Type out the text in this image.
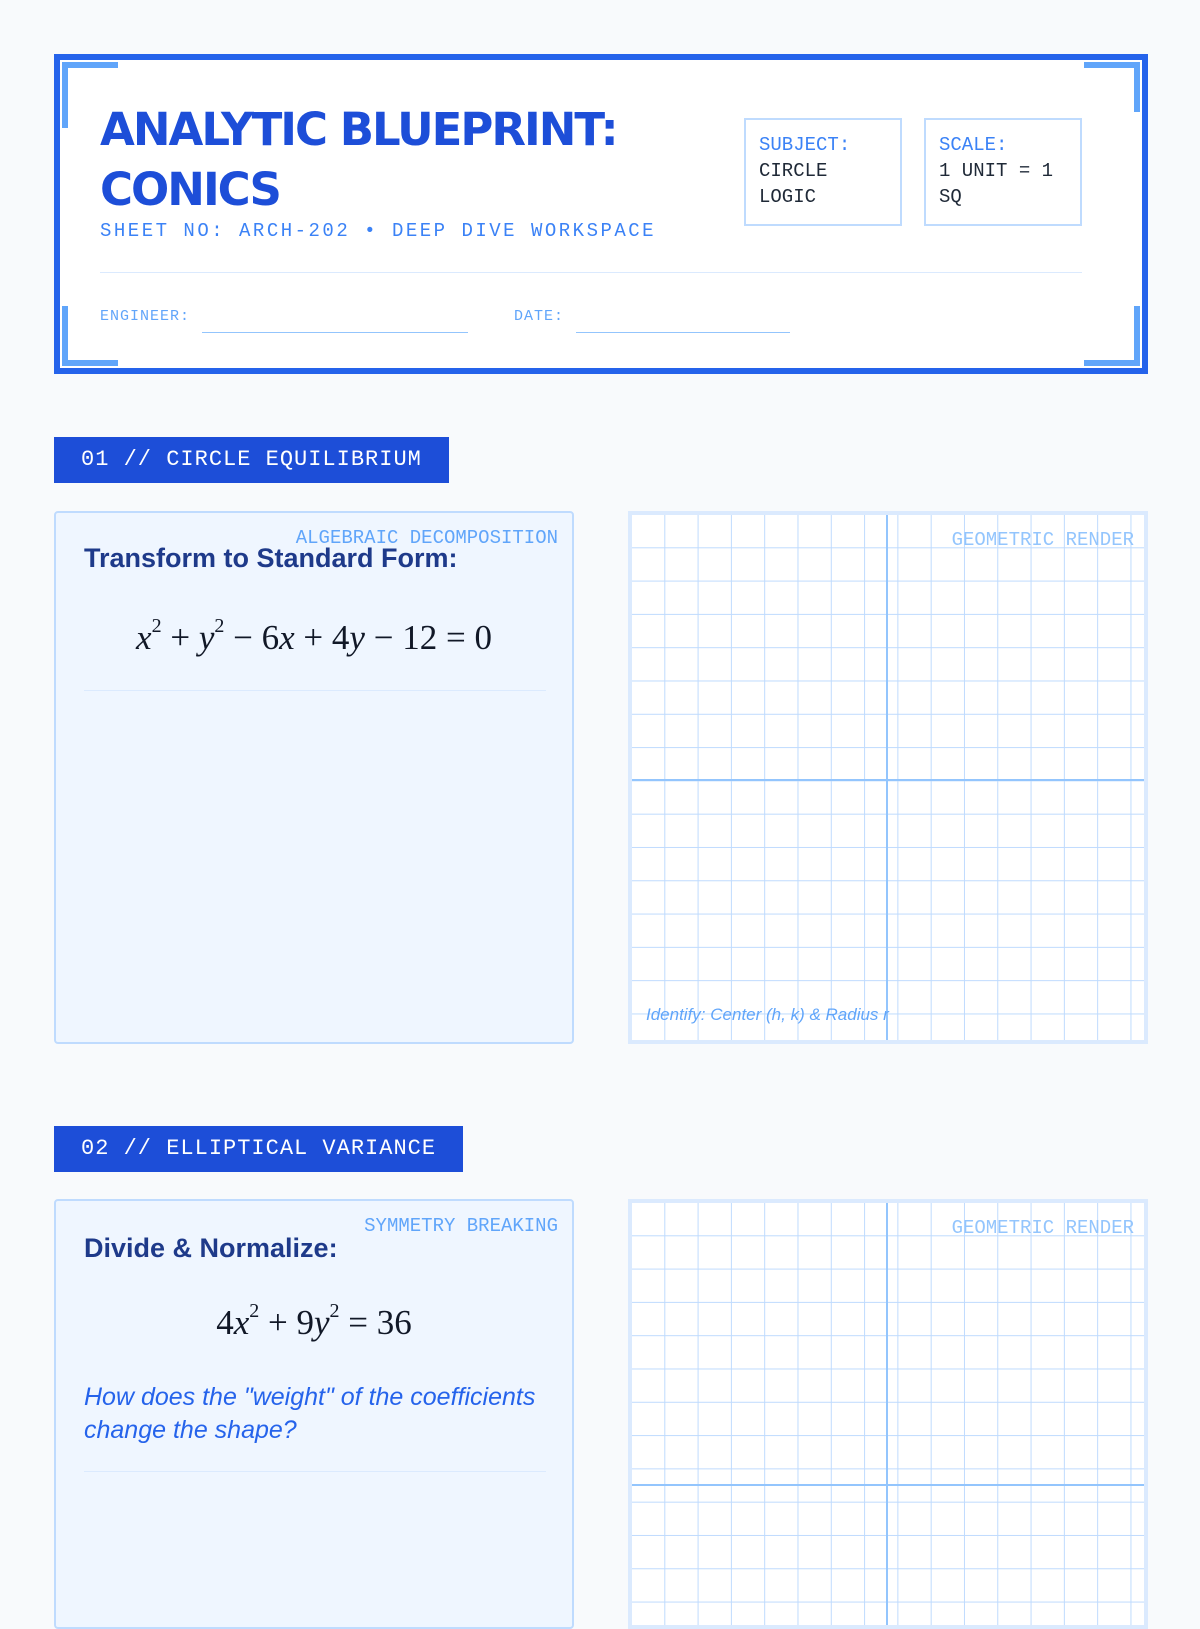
ANALYTIC BLUEPRINT: CONICS
SHEET NO: ARCH-202 • DEEP DIVE WORKSPACE
SUBJECT:
CIRCLE LOGIC
SCALE:
1 UNIT = 1 SQ
ENGINEER:	DATE:
01 // CIRCLE EQUILIBRIUM
ALGEBRAIC DECOMPOSITION
Transform to Standard Form:
$x^2 + y^2 - 6x + 4y - 12 = 0$
GEOMETRIC RENDER
Identify: Center (h, k) & Radius r
02 // ELLIPTICAL VARIANCE
SYMMETRY BREAKING
Divide & Normalize:
$4x^2 + 9y^2 = 36$
How does the "weight" of the coefficients change the shape?
GEOMETRIC RENDER
